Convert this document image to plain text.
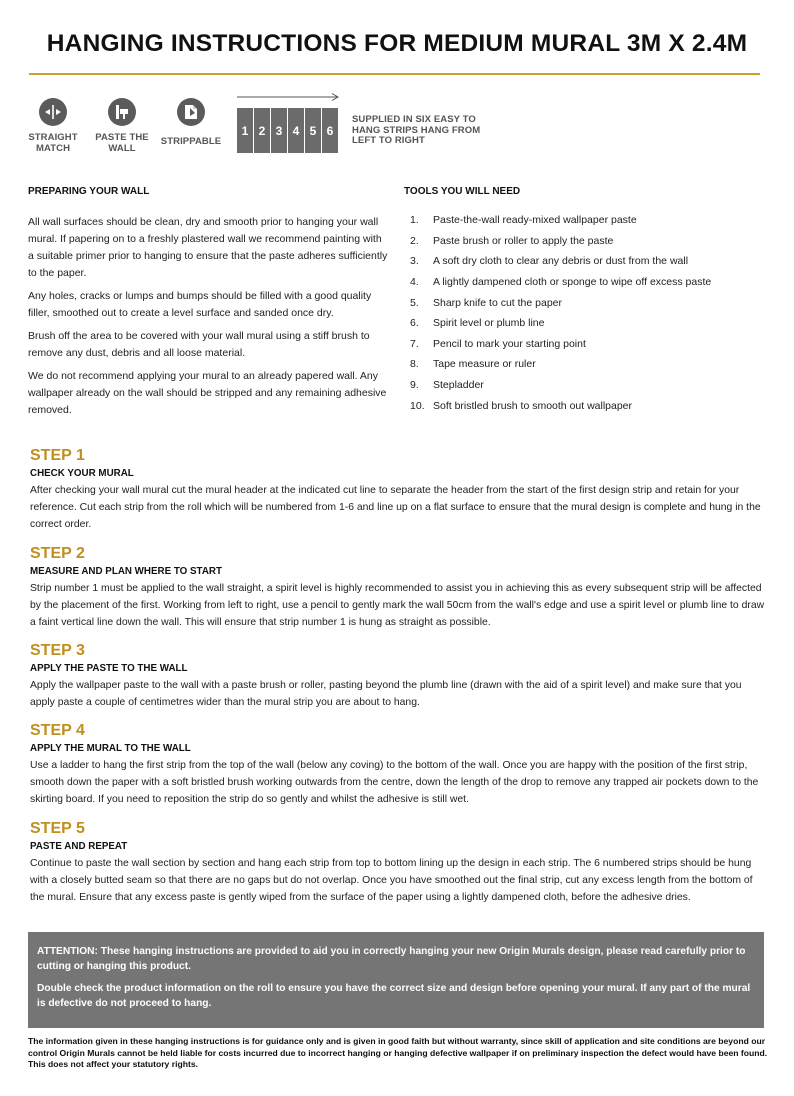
HANGING INSTRUCTIONS FOR MEDIUM MURAL 3M X 2.4M
STRAIGHT MATCH
PASTE THE WALL
STRIPPABLE
1 2 3 4 5 6
SUPPLIED IN SIX EASY TO HANG STRIPS HANG FROM LEFT TO RIGHT
PREPARING YOUR WALL

All wall surfaces should be clean, dry and smooth prior to hanging your wall mural. If papering on to a freshly plastered wall we recommend painting with a suitable primer prior to hanging to ensure that the paste adheres sufficiently to the paper.

Any holes, cracks or lumps and bumps should be filled with a good quality filler, smoothed out to create a level surface and sanded once dry.

Brush off the area to be covered with your wall mural using a stiff brush to remove any dust, debris and all loose material.

We do not recommend applying your mural to an already papered wall. Any wallpaper already on the wall should be stripped and any remaining adhesive removed.

TOOLS YOU WILL NEED
1.	Paste-the-wall ready-mixed wallpaper paste
2.	Paste brush or roller to apply the paste
3.	A soft dry cloth to clear any debris or dust from the wall
4.	A lightly dampened cloth or sponge to wipe off excess paste
5.	Sharp knife to cut the paper
6.	Spirit level or plumb line
7.	Pencil to mark your starting point
8.	Tape measure or ruler
9.	Stepladder
10. Soft bristled brush to smooth out wallpaper
STEP 1
CHECK YOUR MURAL
After checking your wall mural cut the mural header at the indicated cut line to separate the header from the start of the first design strip and retain for your reference. Cut each strip from the roll which will be numbered from 1-6 and line up on a flat surface to ensure that the mural design is complete and hung in the correct order.
STEP 2
MEASURE AND PLAN WHERE TO START
Strip number 1 must be applied to the wall straight, a spirit level is highly recommended to assist you in achieving this as every subsequent strip will be affected by the placement of the first. Working from left to right, use a pencil to gently mark the wall 50cm from the wall's edge and use a spirit level or plumb line to draw a faint vertical line down the wall. This will ensure that strip number 1 is hung as straight as possible.
STEP 3
APPLY THE PASTE TO THE WALL
Apply the wallpaper paste to the wall with a paste brush or roller, pasting beyond the plumb line (drawn with the aid of a spirit level) and make sure that you apply paste a couple of centimetres wider than the mural strip you are about to hang.
STEP 4
APPLY THE MURAL TO THE WALL
Use a ladder to hang the first strip from the top of the wall (below any coving) to the bottom of the wall. Once you are happy with the position of the first strip, smooth down the paper with a soft bristled brush working outwards from the centre, down the length of the drop to remove any trapped air pockets down to the skirting board. If you need to reposition the strip do so gently and whilst the adhesive is still wet.
STEP 5
PASTE AND REPEAT
Continue to paste the wall section by section and hang each strip from top to bottom lining up the design in each strip. The 6 numbered strips should be hung with a closely butted seam so that there are no gaps but do not overlap. Once you have smoothed out the final strip, cut any excess length from the bottom of the mural. Ensure that any excess paste is gently wiped from the surface of the paper using a lightly dampened cloth, before the adhesive dries.

ATTENTION: These hanging instructions are provided to aid you in correctly hanging your new Origin Murals design, please read carefully prior to cutting or hanging this product.

Double check the product information on the roll to ensure you have the correct size and design before opening your mural. If any part of the mural is defective do not proceed to hang.

The information given in these hanging instructions is for guidance only and is given in good faith but without warranty, since skill of application and site conditions are beyond our control Origin Murals cannot be held liable for costs incurred due to incorrect hanging or hanging defective wallpaper if on preliminary inspection the defect would have been found. This does not affect your statutory rights.
